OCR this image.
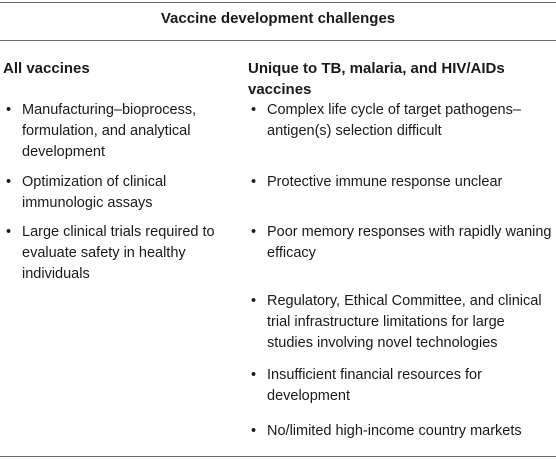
Vaccine development challenges
All vaccines	Unique to TB, malaria, and HIV/AIDs vaccines
• Manufacturing–bioprocess, formulation, and analytical development
• Optimization of clinical immunologic assays
• Large clinical trials required to evaluate safety in healthy individuals
• Complex life cycle of target pathogens–antigen(s) selection difficult
• Protective immune response unclear
• Poor memory responses with rapidly waning efficacy
• Regulatory, Ethical Committee, and clinical trial infrastructure limitations for large studies involving novel technologies
• Insufficient financial resources for development
• No/limited high-income country markets
